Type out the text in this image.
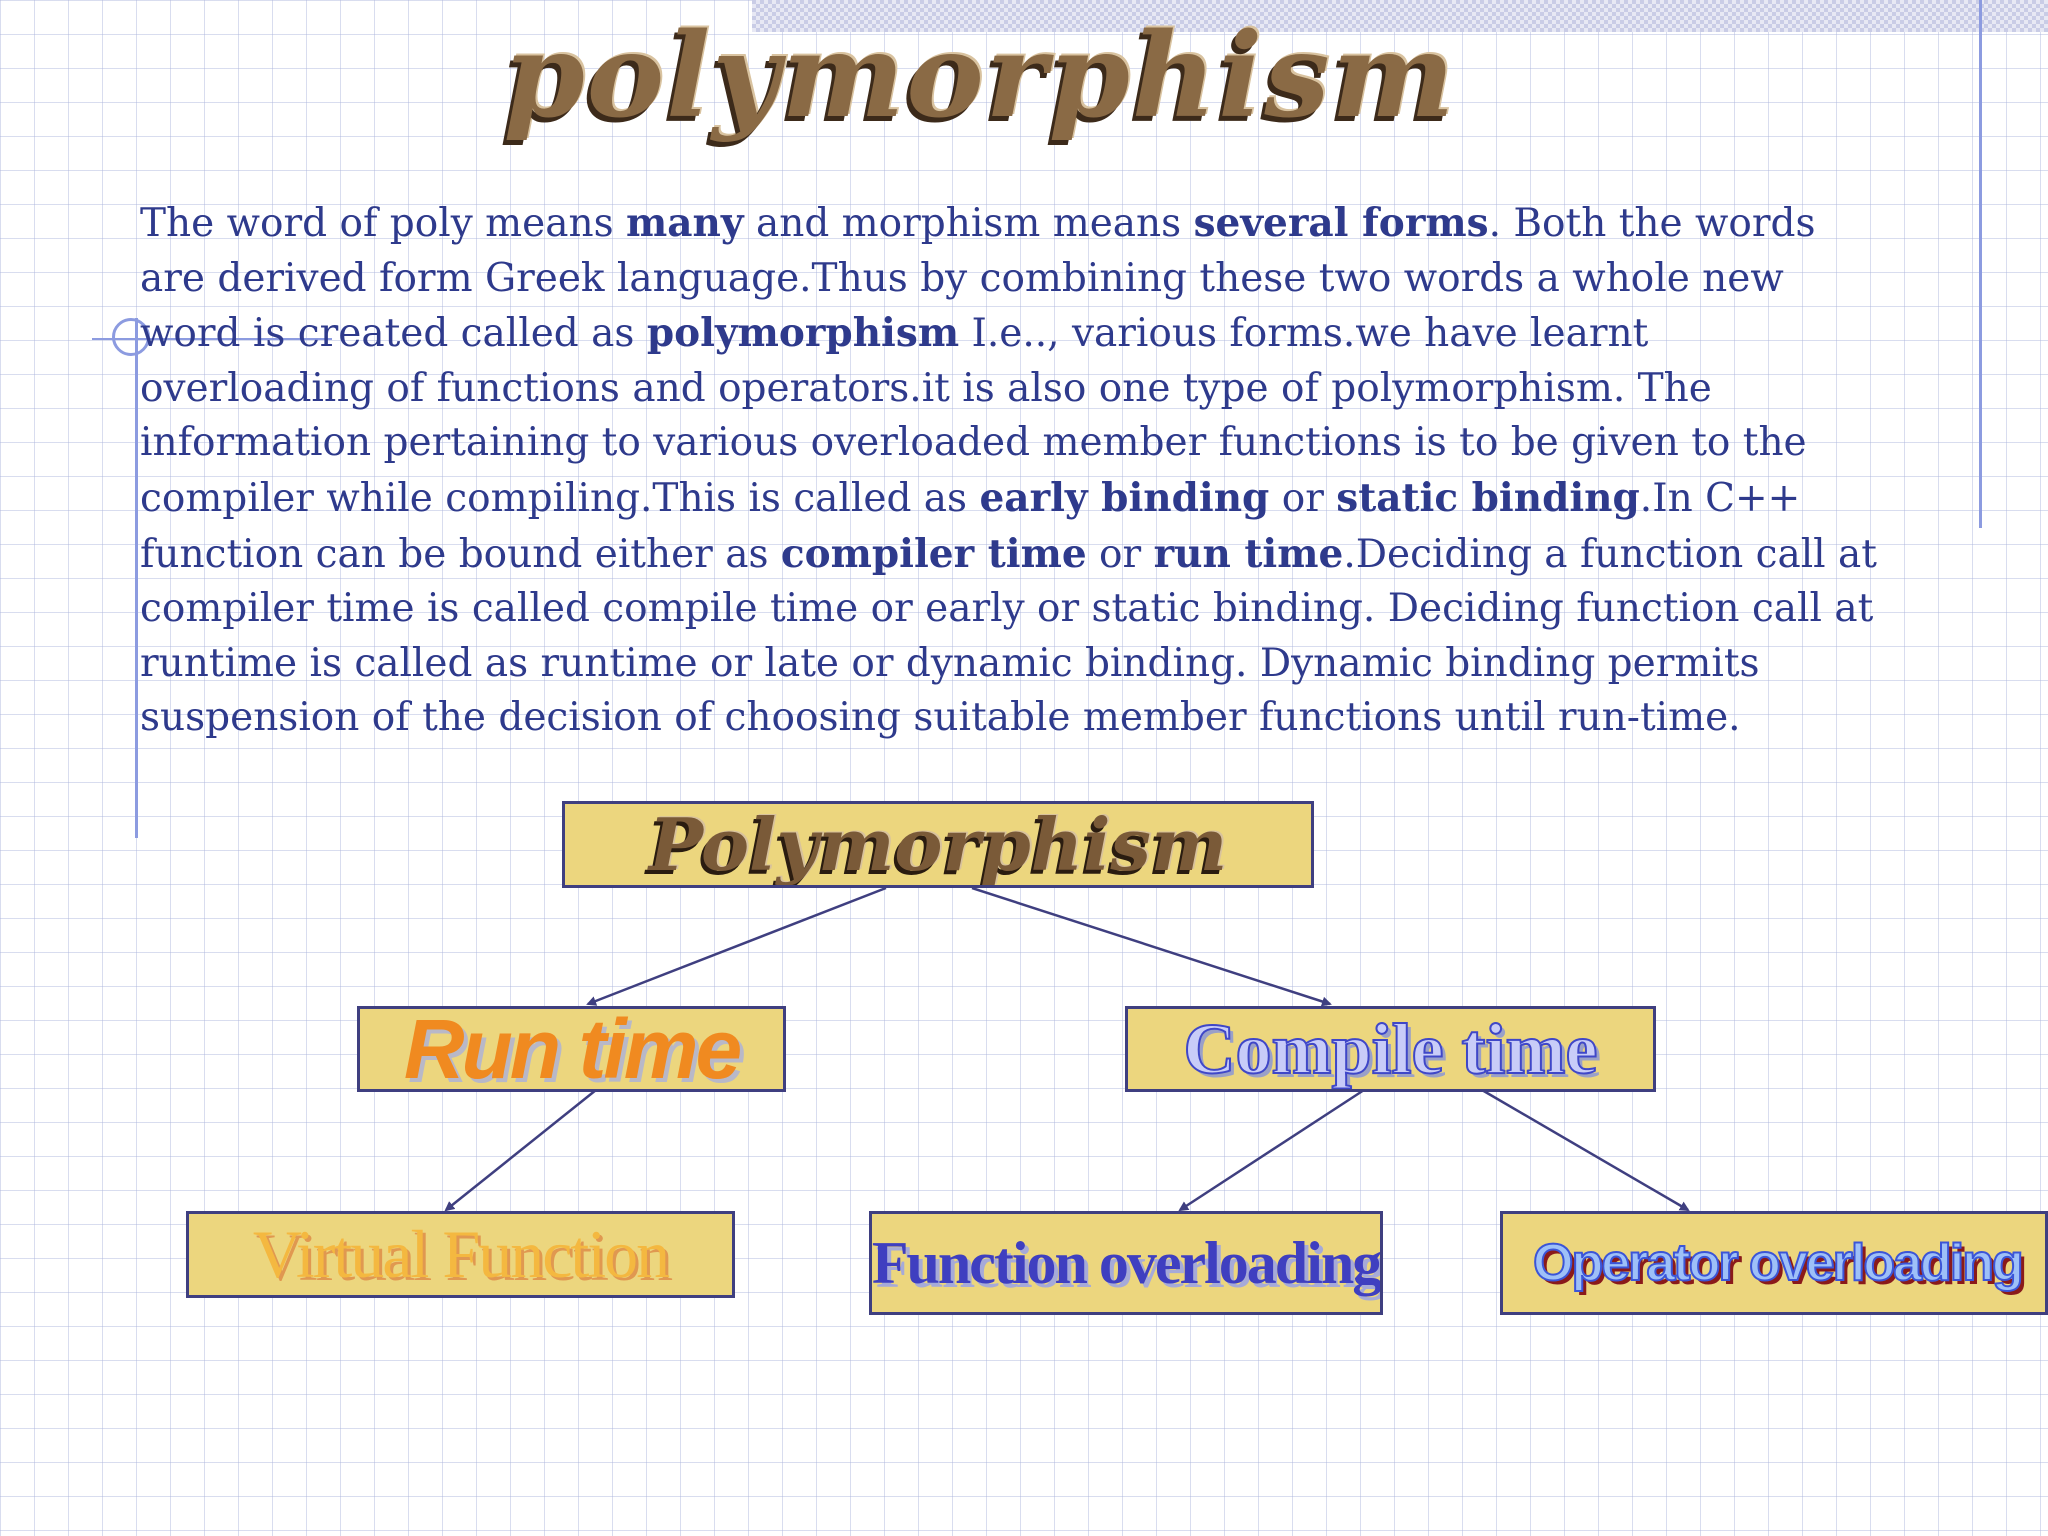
polymorphism
The word of poly means many and morphism means several forms. Both the words are derived form Greek language.Thus by combining these two words a whole new word is created called as polymorphism I.e.., various forms.we have learnt overloading of functions and operators.it is also one type of polymorphism. The information pertaining to various overloaded member functions is to be given to the compiler while compiling.This is called as early binding or static binding.In C++ function can be bound either as compiler time or run time.Deciding a function call at compiler time is called compile time or early or static binding. Deciding function call at runtime is called as runtime or late or dynamic binding. Dynamic binding permits suspension of the decision of choosing suitable member functions until run-time.
Polymorphism
Run time	Compile time
Virtual Function	Function overloading	Operator overloading
